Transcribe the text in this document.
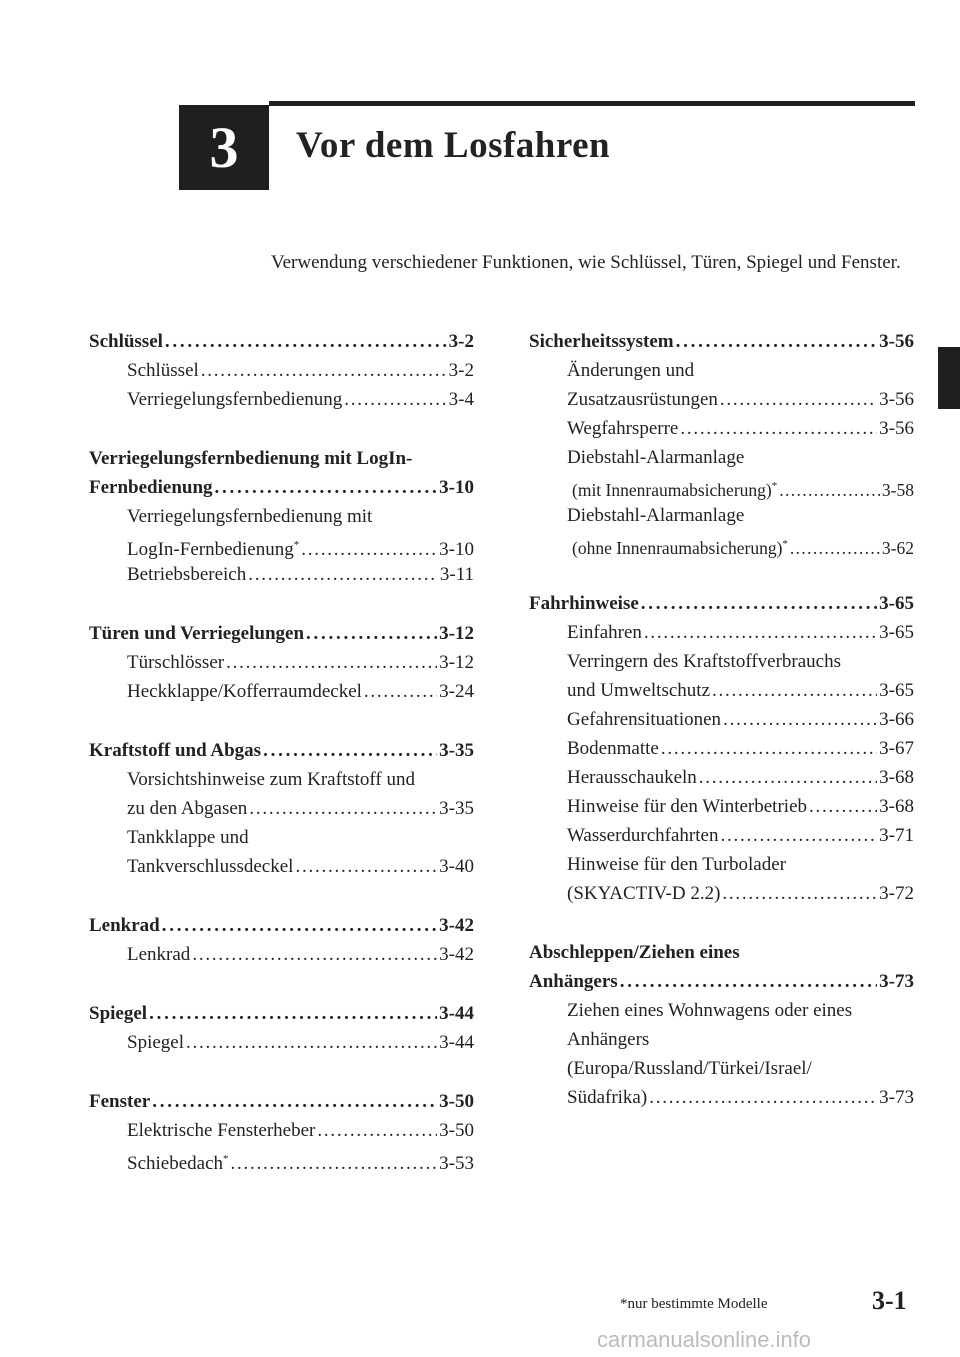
3	Vor dem Losfahren
Verwendung verschiedener Funktionen, wie Schlüssel, Türen, Spiegel und Fenster.
Schlüssel . . .	3-2
Schlüssel . . .	3-2
Verriegelungsfernbedienung . . .	3-4
Verriegelungsfernbedienung mit LogIn-
Fernbedienung . . .	3-10
Verriegelungsfernbedienung mit
LogIn-Fernbedienung* . . .	3-10
Betriebsbereich . . .	3-11
Türen und Verriegelungen . . .	3-12
Türschlösser . . .	3-12
Heckklappe/Kofferraumdeckel . . .	3-24
Kraftstoff und Abgas . . .	3-35
Vorsichtshinweise zum Kraftstoff und
zu den Abgasen . . .	3-35
Tankklappe und
Tankverschlussdeckel . . .	3-40
Lenkrad . . .	3-42
Lenkrad . . .	3-42
Spiegel . . .	3-44
Spiegel . . .	3-44
Fenster . . .	3-50
Elektrische Fensterheber . . .	3-50
Schiebedach* . . .	3-53
Sicherheitssystem . . .	3-56
Änderungen und
Zusatzausrüstungen . . .	3-56
Wegfahrsperre . . .	3-56
Diebstahl-Alarmanlage
(mit Innenraumabsicherung)* . . .	3-58
Diebstahl-Alarmanlage
(ohne Innenraumabsicherung)* . . .	3-62
Fahrhinweise . . .	3-65
Einfahren . . .	3-65
Verringern des Kraftstoffverbrauchs
und Umweltschutz . . .	3-65
Gefahrensituationen . . .	3-66
Bodenmatte . . .	3-67
Herausschaukeln . . .	3-68
Hinweise für den Winterbetrieb . . .	3-68
Wasserdurchfahrten . . .	3-71
Hinweise für den Turbolader
(SKYACTIV-D 2.2) . . .	3-72
Abschleppen/Ziehen eines
Anhängers . . .	3-73
Ziehen eines Wohnwagens oder eines
Anhängers
(Europa/Russland/Türkei/Israel/
Südafrika) . . .	3-73
*nur bestimmte Modelle	3-1
carmanualsonline.info
